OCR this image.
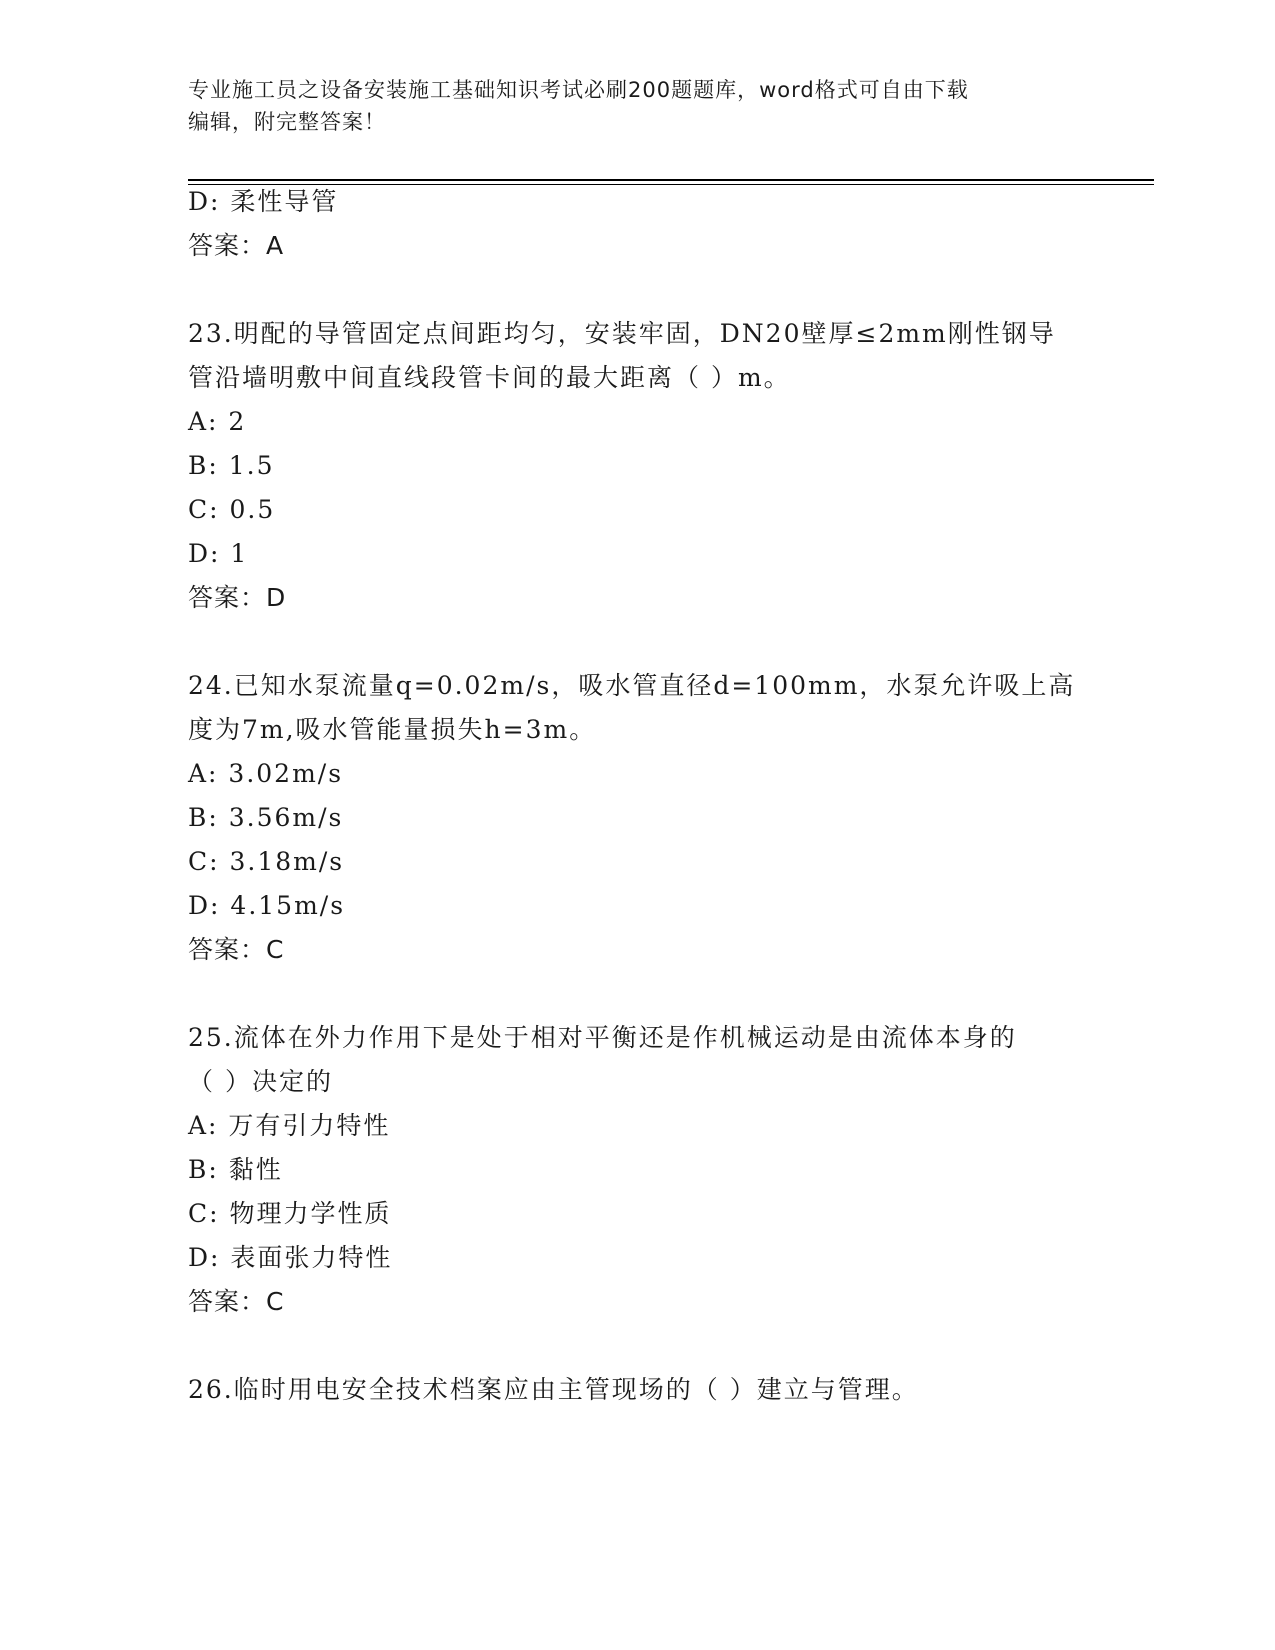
专业施工员之设备安装施工基础知识考试必刷200题题库，word格式可自由下载
编辑，附完整答案！
D: 柔性导管
答案：A
23.明配的导管固定点间距均匀，安装牢固，DN20壁厚≤2mm刚性钢导
管沿墙明敷中间直线段管卡间的最大距离（ ）m。
A: 2
B: 1.5
C: 0.5
D: 1
答案：D
24.已知水泵流量q=0.02m/s，吸水管直径d=100mm，水泵允许吸上高
度为7m,吸水管能量损失h=3m。
A: 3.02m/s
B: 3.56m/s
C: 3.18m/s
D: 4.15m/s
答案：C
25.流体在外力作用下是处于相对平衡还是作机械运动是由流体本身的
（ ）决定的
A: 万有引力特性
B: 黏性
C: 物理力学性质
D: 表面张力特性
答案：C
26.临时用电安全技术档案应由主管现场的（ ）建立与管理。
